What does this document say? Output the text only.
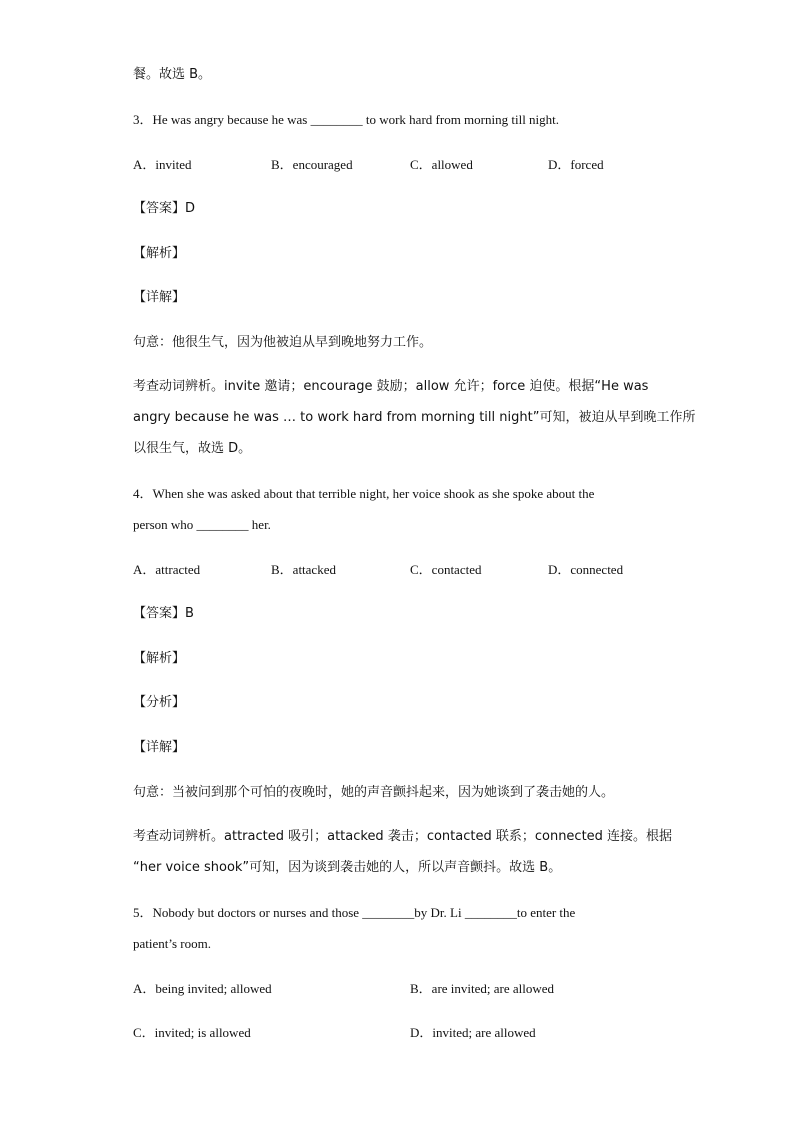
餐。故选 B。
3．He was angry because he was ________ to work hard from morning till night.
A．invited	B．encouraged	C．allowed	D．forced
【答案】D
【解析】
【详解】
句意：他很生气，因为他被迫从早到晚地努力工作。
考查动词辨析。invite 邀请；encourage 鼓励；allow 允许；force 迫使。根据“He was
angry because he was … to work hard from morning till night”可知，被迫从早到晚工作所
以很生气，故选 D。
4．When she was asked about that terrible night, her voice shook as she spoke about the
person who ________ her.
A．attracted	B．attacked	C．contacted	D．connected
【答案】B
【解析】
【分析】
【详解】
句意：当被问到那个可怕的夜晚时，她的声音颤抖起来，因为她谈到了袭击她的人。
考查动词辨析。attracted 吸引；attacked 袭击；contacted 联系；connected 连接。根据
“her voice shook”可知，因为谈到袭击她的人，所以声音颤抖。故选 B。
5．Nobody but doctors or nurses and those ________by Dr. Li ________to enter the
patient’s room.
A．being invited; allowed	B．are invited; are allowed
C．invited; is allowed	D．invited; are allowed
